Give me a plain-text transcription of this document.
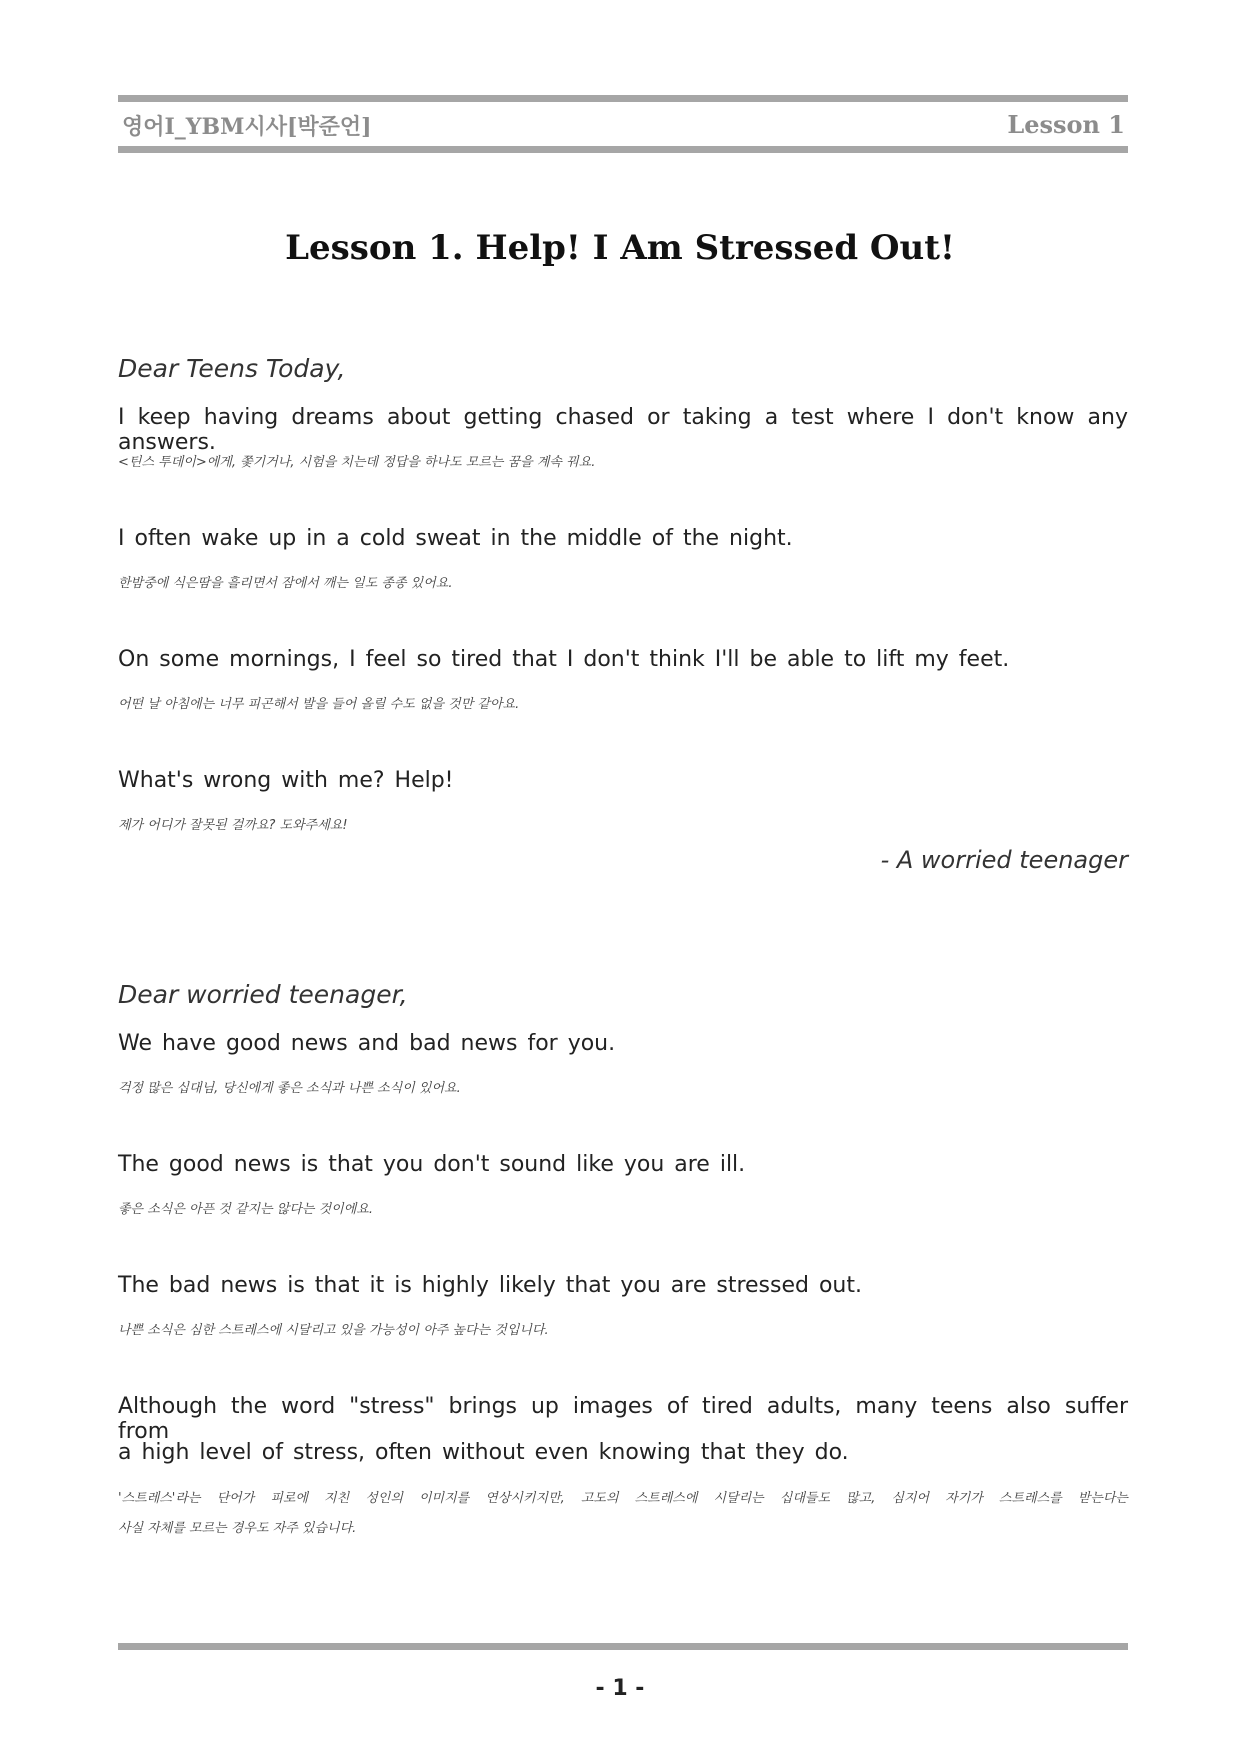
영어I_YBM시사[박준언]	Lesson 1
Lesson 1. Help! I Am Stressed Out!
Dear Teens Today,
I keep having dreams about getting chased or taking a test where I don't know any answers.
<틴스 투데이>에게, 쫓기거나, 시험을 치는데 정답을 하나도 모르는 꿈을 계속 꿔요.
I often wake up in a cold sweat in the middle of the night.
한밤중에 식은땀을 흘리면서 잠에서 깨는 일도 종종 있어요.
On some mornings, I feel so tired that I don't think I'll be able to lift my feet.
어떤 날 아침에는 너무 피곤해서 발을 들어 올릴 수도 없을 것만 같아요.
What's wrong with me? Help!
제가 어디가 잘못된 걸까요? 도와주세요!
- A worried teenager
Dear worried teenager,
We have good news and bad news for you.
걱정 많은 십대님, 당신에게 좋은 소식과 나쁜 소식이 있어요.
The good news is that you don't sound like you are ill.
좋은 소식은 아픈 것 같지는 않다는 것이에요.
The bad news is that it is highly likely that you are stressed out.
나쁜 소식은 심한 스트레스에 시달리고 있을 가능성이 아주 높다는 것입니다.
Although the word "stress" brings up images of tired adults, many teens also suffer from
a high level of stress, often without even knowing that they do.
'스트레스'라는 단어가 피로에 지친 성인의 이미지를 연상시키지만, 고도의 스트레스에 시달리는 십대들도 많고, 심지어 자기가 스트레스를 받는다는
사실 자체를 모르는 경우도 자주 있습니다.
- 1 -
